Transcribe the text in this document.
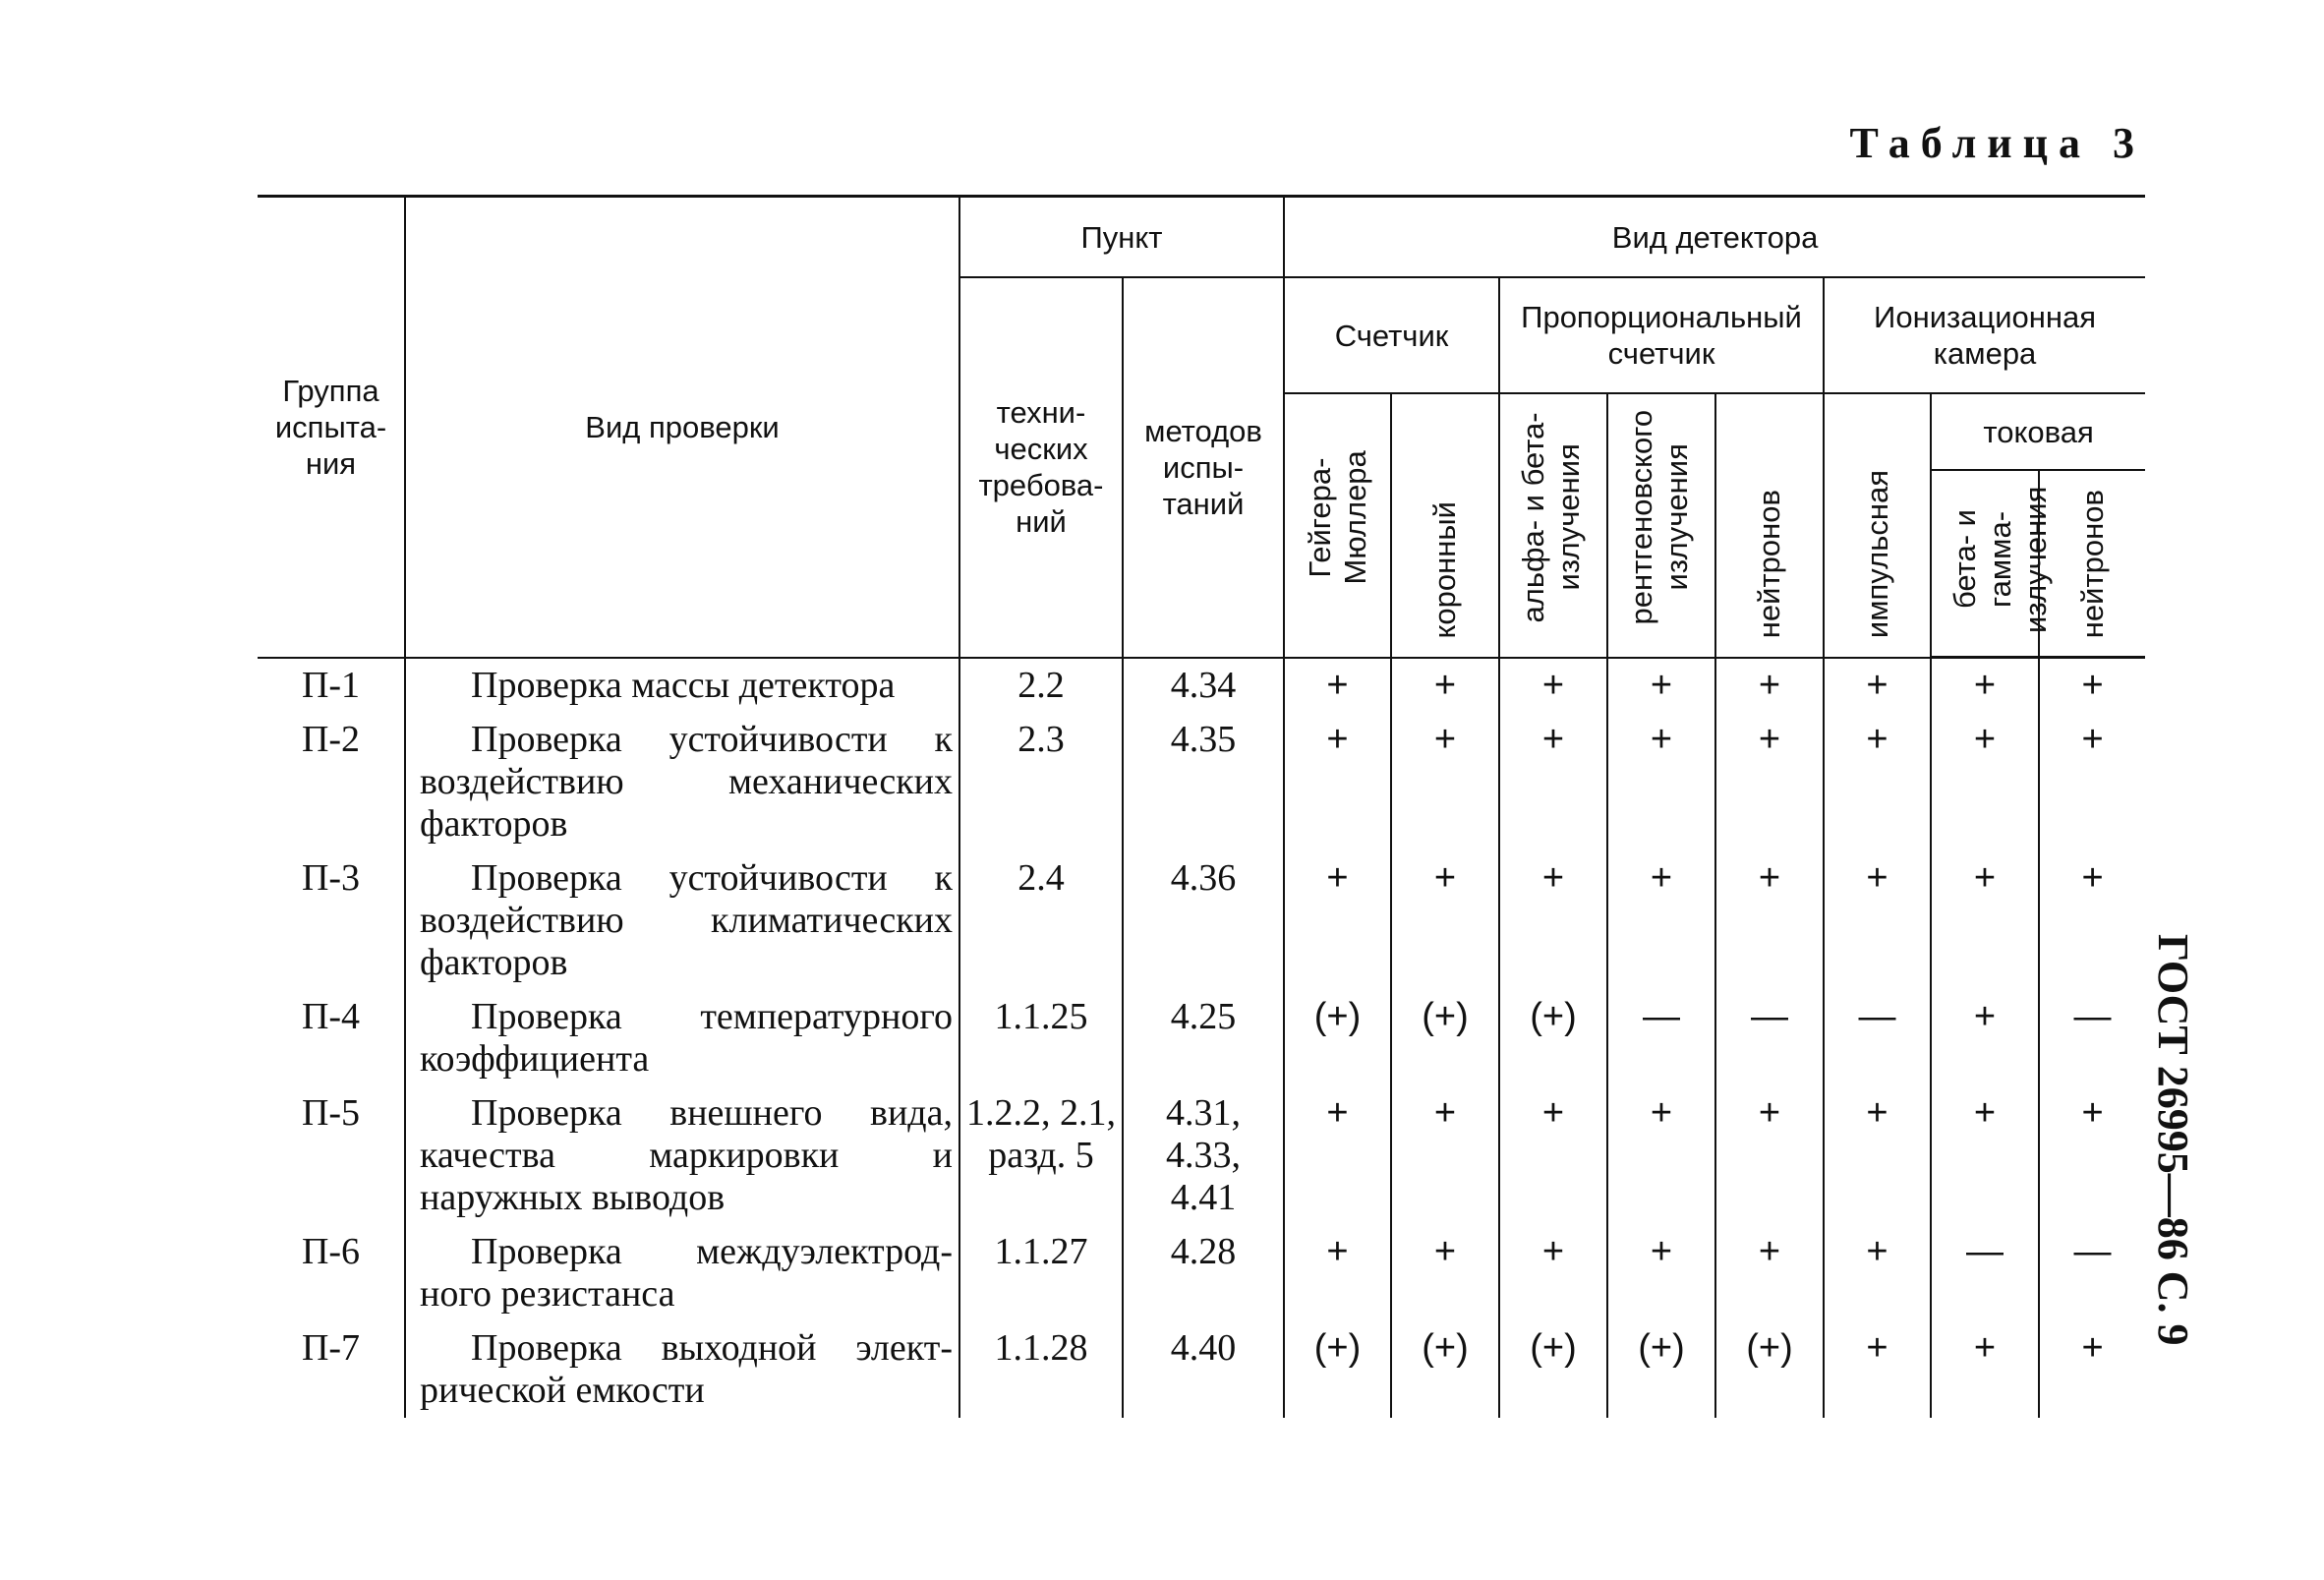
Таблица 3
Группа испыта-ния	Вид проверки	Пункт		Вид детектора							
		техни-ческих требова-ний	методов испы-таний	Счетчик		Пропорциональный счетчик			Ионизационная камера		
				Гейгера-Мюллера	коронный	альфа- и бета-излучения	рентгеновского излучения	нейтронов	импульсная	токовая	
										бета- и гамма-излучения	нейтронов
П-1	Проверка массы детектора	2.2	4.34	+	+	+	+	+	+	+	+
П-2	Проверка устойчивости к воздействию механических факторов	2.3	4.35	+	+	+	+	+	+	+	+
П-3	Проверка устойчивости к воздействию климатических факторов	2.4	4.36	+	+	+	+	+	+	+	+
П-4	Проверка температурного коэффициента	1.1.25	4.25	(+)	(+)	(+)	—	—	—	+	—
П-5	Проверка внешнего вида, качества маркировки и наружных выводов	1.2.2, 2.1, разд. 5	4.31, 4.33, 4.41	+	+	+	+	+	+	+	+
П-6	Проверка междуэлектрод-ного резистанса	1.1.27	4.28	+	+	+	+	+	+	—	—
П-7	Проверка выходной элект-рической емкости	1.1.28	4.40	(+)	(+)	(+)	(+)	(+)	+	+	+
ГОСТ 26995—86 С. 9
